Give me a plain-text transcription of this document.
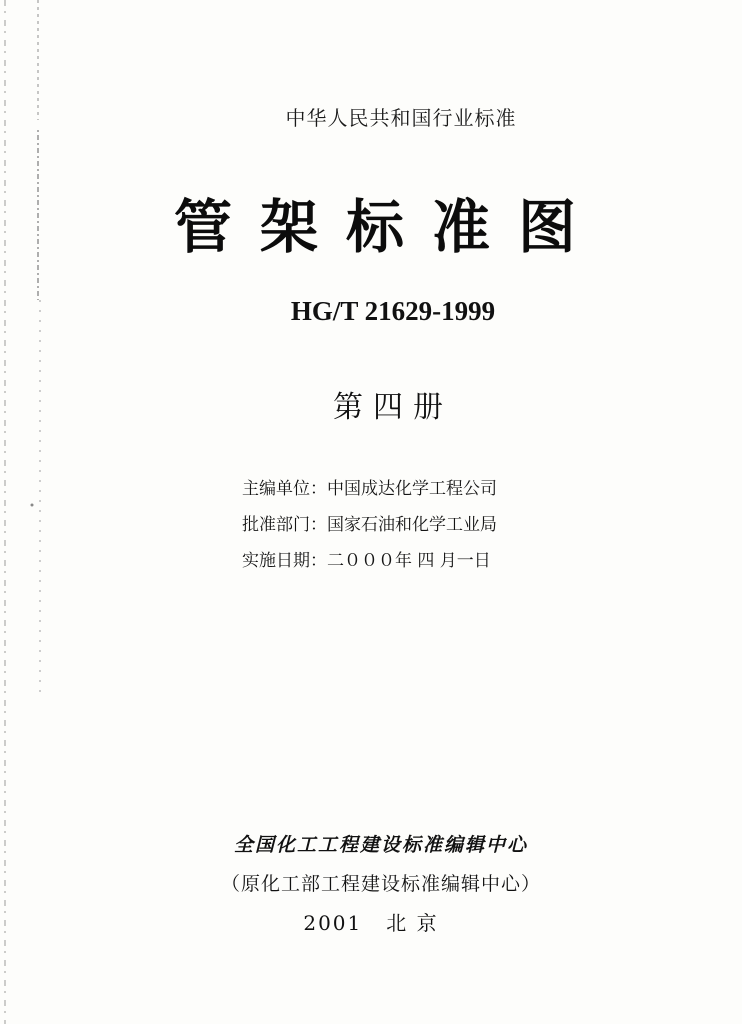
中华人民共和国行业标准
管架标准图
HG/T 21629-1999
第四册
主编单位：中国成达化学工程公司
批准部门：国家石油和化学工业局
实施日期：二０００年 四 月一日
全国化工工程建设标准编辑中心
（原化工部工程建设标准编辑中心）
2001 北 京
